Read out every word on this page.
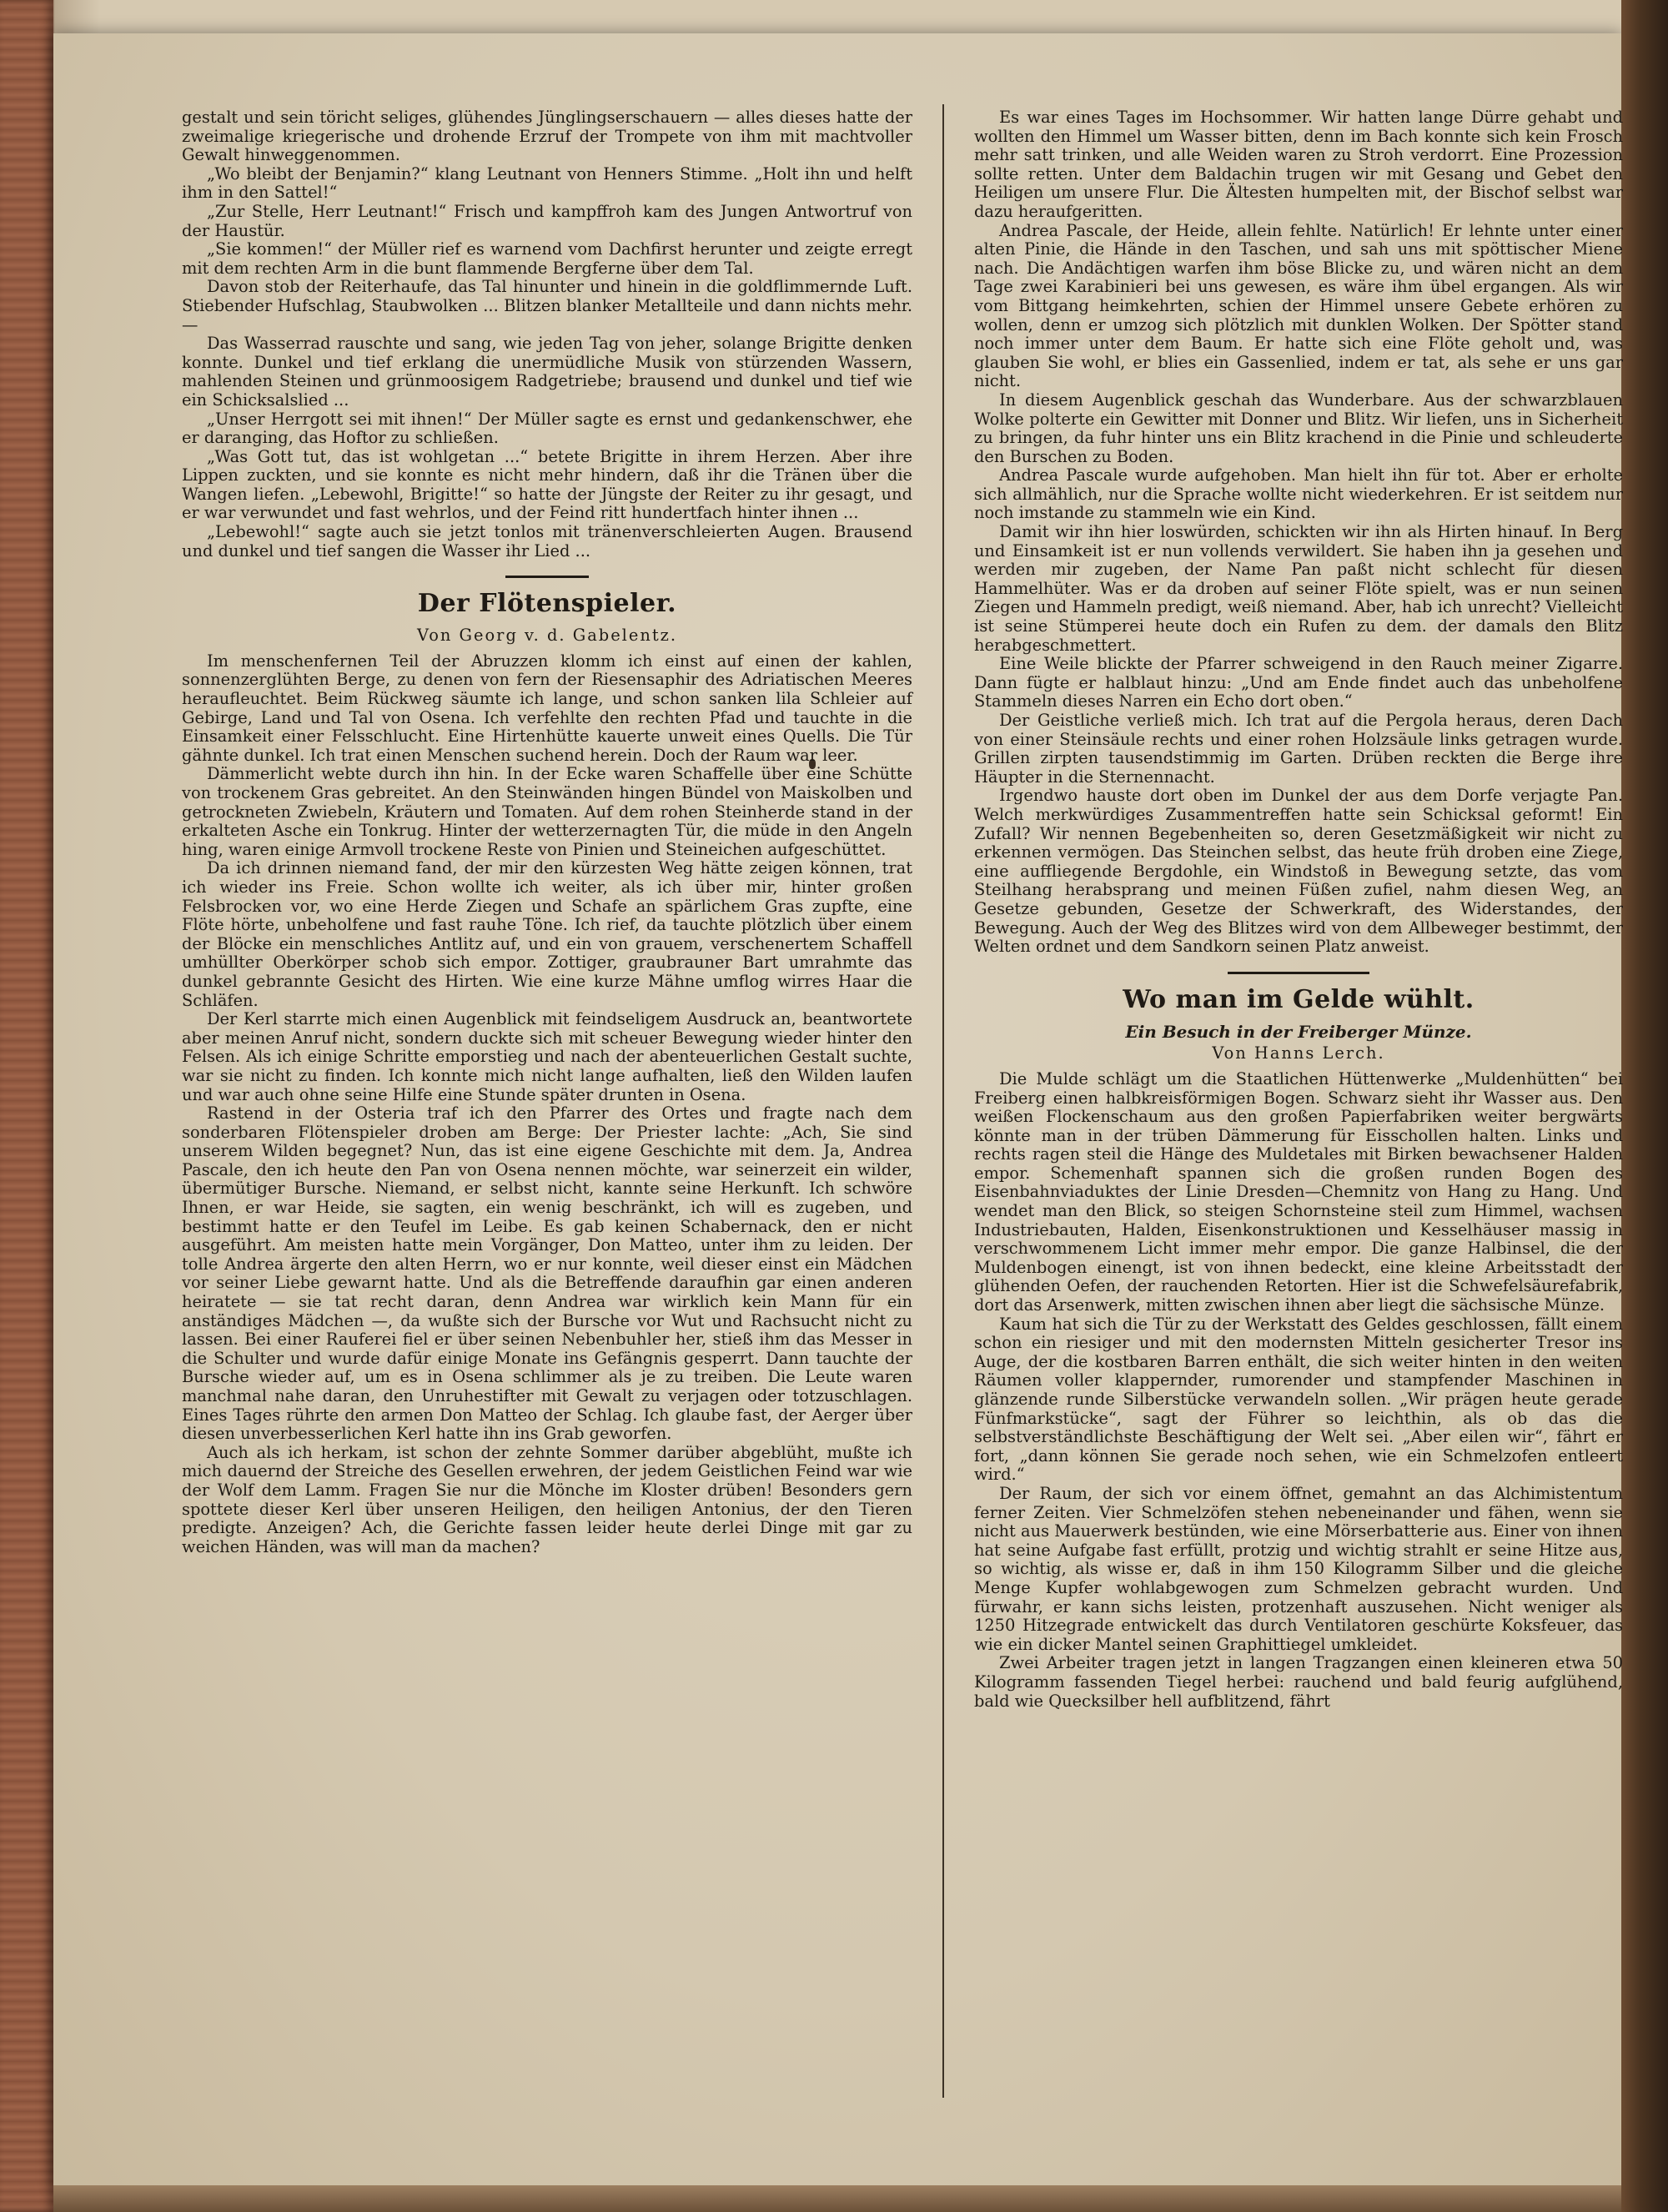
gestalt und sein töricht seliges, glühendes Jünglingserschauern — alles dieses hatte der zweimalige kriegerische und drohende Erzruf der Trompete von ihm mit machtvoller Gewalt hinweggenommen.

„Wo bleibt der Benjamin?“ klang Leutnant von Henners Stimme. „Holt ihn und helft ihm in den Sattel!“

„Zur Stelle, Herr Leutnant!“ Frisch und kampffroh kam des Jungen Antwortruf von der Haustür.

„Sie kommen!“ der Müller rief es warnend vom Dachfirst herunter und zeigte erregt mit dem rechten Arm in die bunt flammende Bergferne über dem Tal.

Davon stob der Reiterhaufe, das Tal hinunter und hinein in die goldflimmernde Luft. Stiebender Hufschlag, Staubwolken ... Blitzen blanker Metallteile und dann nichts mehr. —

Das Wasserrad rauschte und sang, wie jeden Tag von jeher, solange Brigitte denken konnte. Dunkel und tief erklang die unermüdliche Musik von stürzenden Wassern, mahlenden Steinen und grünmoosigem Radgetriebe; brausend und dunkel und tief wie ein Schicksalslied ...

„Unser Herrgott sei mit ihnen!“ Der Müller sagte es ernst und gedankenschwer, ehe er daranging, das Hoftor zu schließen.

„Was Gott tut, das ist wohlgetan ...“ betete Brigitte in ihrem Herzen. Aber ihre Lippen zuckten, und sie konnte es nicht mehr hindern, daß ihr die Tränen über die Wangen liefen. „Lebewohl, Brigitte!“ so hatte der Jüngste der Reiter zu ihr gesagt, und er war verwundet und fast wehrlos, und der Feind ritt hundertfach hinter ihnen ...

„Lebewohl!“ sagte auch sie jetzt tonlos mit tränenverschleierten Augen. Brausend und dunkel und tief sangen die Wasser ihr Lied ...

Der Flötenspieler.
Von Georg v. d. Gabelentz.

Im menschenfernen Teil der Abruzzen klomm ich einst auf einen der kahlen, sonnenzerglühten Berge, zu denen von fern der Riesensaphir des Adriatischen Meeres heraufleuchtet. Beim Rückweg säumte ich lange, und schon sanken lila Schleier auf Gebirge, Land und Tal von Osena. Ich verfehlte den rechten Pfad und tauchte in die Einsamkeit einer Felsschlucht. Eine Hirtenhütte kauerte unweit eines Quells. Die Tür gähnte dunkel. Ich trat einen Menschen suchend herein. Doch der Raum war leer.

Dämmerlicht webte durch ihn hin. In der Ecke waren Schaffelle über eine Schütte von trockenem Gras gebreitet. An den Steinwänden hingen Bündel von Maiskolben und getrockneten Zwiebeln, Kräutern und Tomaten. Auf dem rohen Steinherde stand in der erkalteten Asche ein Tonkrug. Hinter der wetterzernagten Tür, die müde in den Angeln hing, waren einige Armvoll trockene Reste von Pinien und Steineichen aufgeschüttet.

Da ich drinnen niemand fand, der mir den kürzesten Weg hätte zeigen können, trat ich wieder ins Freie. Schon wollte ich weiter, als ich über mir, hinter großen Felsbrocken vor, wo eine Herde Ziegen und Schafe an spärlichem Gras zupfte, eine Flöte hörte, unbeholfene und fast rauhe Töne. Ich rief, da tauchte plötzlich über einem der Blöcke ein menschliches Antlitz auf, und ein von grauem, verschenertem Schaffell umhüllter Oberkörper schob sich empor. Zottiger, graubrauner Bart umrahmte das dunkel gebrannte Gesicht des Hirten. Wie eine kurze Mähne umflog wirres Haar die Schläfen.

Der Kerl starrte mich einen Augenblick mit feindseligem Ausdruck an, beantwortete aber meinen Anruf nicht, sondern duckte sich mit scheuer Bewegung wieder hinter den Felsen. Als ich einige Schritte emporstieg und nach der abenteuerlichen Gestalt suchte, war sie nicht zu finden. Ich konnte mich nicht lange aufhalten, ließ den Wilden laufen und war auch ohne seine Hilfe eine Stunde später drunten in Osena.

Rastend in der Osteria traf ich den Pfarrer des Ortes und fragte nach dem sonderbaren Flötenspieler droben am Berge: Der Priester lachte: „Ach, Sie sind unserem Wilden begegnet? Nun, das ist eine eigene Geschichte mit dem. Ja, Andrea Pascale, den ich heute den Pan von Osena nennen möchte, war seinerzeit ein wilder, übermütiger Bursche. Niemand, er selbst nicht, kannte seine Herkunft. Ich schwöre Ihnen, er war Heide, sie sagten, ein wenig beschränkt, ich will es zugeben, und bestimmt hatte er den Teufel im Leibe. Es gab keinen Schabernack, den er nicht ausgeführt. Am meisten hatte mein Vorgänger, Don Matteo, unter ihm zu leiden. Der tolle Andrea ärgerte den alten Herrn, wo er nur konnte, weil dieser einst ein Mädchen vor seiner Liebe gewarnt hatte. Und als die Betreffende daraufhin gar einen anderen heiratete — sie tat recht daran, denn Andrea war wirklich kein Mann für ein anständiges Mädchen —, da wußte sich der Bursche vor Wut und Rachsucht nicht zu lassen. Bei einer Rauferei fiel er über seinen Nebenbuhler her, stieß ihm das Messer in die Schulter und wurde dafür einige Monate ins Gefängnis gesperrt. Dann tauchte der Bursche wieder auf, um es in Osena schlimmer als je zu treiben. Die Leute waren manchmal nahe daran, den Unruhestifter mit Gewalt zu verjagen oder totzuschlagen. Eines Tages rührte den armen Don Matteo der Schlag. Ich glaube fast, der Aerger über diesen unverbesserlichen Kerl hatte ihn ins Grab geworfen.

Auch als ich herkam, ist schon der zehnte Sommer darüber abgeblüht, mußte ich mich dauernd der Streiche des Gesellen erwehren, der jedem Geistlichen Feind war wie der Wolf dem Lamm. Fragen Sie nur die Mönche im Kloster drüben! Besonders gern spottete dieser Kerl über unseren Heiligen, den heiligen Antonius, der den Tieren predigte. Anzeigen? Ach, die Gerichte fassen leider heute derlei Dinge mit gar zu weichen Händen, was will man da machen?

Es war eines Tages im Hochsommer. Wir hatten lange Dürre gehabt und wollten den Himmel um Wasser bitten, denn im Bach konnte sich kein Frosch mehr satt trinken, und alle Weiden waren zu Stroh verdorrt. Eine Prozession sollte retten. Unter dem Baldachin trugen wir mit Gesang und Gebet den Heiligen um unsere Flur. Die Ältesten humpelten mit, der Bischof selbst war dazu heraufgeritten.

Andrea Pascale, der Heide, allein fehlte. Natürlich! Er lehnte unter einer alten Pinie, die Hände in den Taschen, und sah uns mit spöttischer Miene nach. Die Andächtigen warfen ihm böse Blicke zu, und wären nicht an dem Tage zwei Karabinieri bei uns gewesen, es wäre ihm übel ergangen. Als wir vom Bittgang heimkehrten, schien der Himmel unsere Gebete erhören zu wollen, denn er umzog sich plötzlich mit dunklen Wolken. Der Spötter stand noch immer unter dem Baum. Er hatte sich eine Flöte geholt und, was glauben Sie wohl, er blies ein Gassenlied, indem er tat, als sehe er uns gar nicht.

In diesem Augenblick geschah das Wunderbare. Aus der schwarzblauen Wolke polterte ein Gewitter mit Donner und Blitz. Wir liefen, uns in Sicherheit zu bringen, da fuhr hinter uns ein Blitz krachend in die Pinie und schleuderte den Burschen zu Boden.

Andrea Pascale wurde aufgehoben. Man hielt ihn für tot. Aber er erholte sich allmählich, nur die Sprache wollte nicht wiederkehren. Er ist seitdem nur noch imstande zu stammeln wie ein Kind.

Damit wir ihn hier loswürden, schickten wir ihn als Hirten hinauf. In Berg und Einsamkeit ist er nun vollends verwildert. Sie haben ihn ja gesehen und werden mir zugeben, der Name Pan paßt nicht schlecht für diesen Hammelhüter. Was er da droben auf seiner Flöte spielt, was er nun seinen Ziegen und Hammeln predigt, weiß niemand. Aber, hab ich unrecht? Vielleicht ist seine Stümperei heute doch ein Rufen zu dem. der damals den Blitz herabgeschmettert.

Eine Weile blickte der Pfarrer schweigend in den Rauch meiner Zigarre. Dann fügte er halblaut hinzu: „Und am Ende findet auch das unbeholfene Stammeln dieses Narren ein Echo dort oben.“

Der Geistliche verließ mich. Ich trat auf die Pergola heraus, deren Dach von einer Steinsäule rechts und einer rohen Holzsäule links getragen wurde. Grillen zirpten tausendstimmig im Garten. Drüben reckten die Berge ihre Häupter in die Sternennacht.

Irgendwo hauste dort oben im Dunkel der aus dem Dorfe verjagte Pan. Welch merkwürdiges Zusammentreffen hatte sein Schicksal geformt! Ein Zufall? Wir nennen Begebenheiten so, deren Gesetzmäßigkeit wir nicht zu erkennen vermögen. Das Steinchen selbst, das heute früh droben eine Ziege, eine auffliegende Bergdohle, ein Windstoß in Bewegung setzte, das vom Steilhang herabsprang und meinen Füßen zufiel, nahm diesen Weg, an Gesetze gebunden, Gesetze der Schwerkraft, des Widerstandes, der Bewegung. Auch der Weg des Blitzes wird von dem Allbeweger bestimmt, der Welten ordnet und dem Sandkorn seinen Platz anweist.

Wo man im Gelde wühlt.
Ein Besuch in der Freiberger Münze.
Von Hanns Lerch.

Die Mulde schlägt um die Staatlichen Hüttenwerke „Muldenhütten“ bei Freiberg einen halbkreisförmigen Bogen. Schwarz sieht ihr Wasser aus. Den weißen Flockenschaum aus den großen Papierfabriken weiter bergwärts könnte man in der trüben Dämmerung für Eisschollen halten. Links und rechts ragen steil die Hänge des Muldetales mit Birken bewachsener Halden empor. Schemenhaft spannen sich die großen runden Bogen des Eisenbahnviaduktes der Linie Dresden—Chemnitz von Hang zu Hang. Und wendet man den Blick, so steigen Schornsteine steil zum Himmel, wachsen Industriebauten, Halden, Eisenkonstruktionen und Kesselhäuser massig in verschwommenem Licht immer mehr empor. Die ganze Halbinsel, die der Muldenbogen einengt, ist von ihnen bedeckt, eine kleine Arbeitsstadt der glühenden Oefen, der rauchenden Retorten. Hier ist die Schwefelsäurefabrik, dort das Arsenwerk, mitten zwischen ihnen aber liegt die sächsische Münze.

Kaum hat sich die Tür zu der Werkstatt des Geldes geschlossen, fällt einem schon ein riesiger und mit den modernsten Mitteln gesicherter Tresor ins Auge, der die kostbaren Barren enthält, die sich weiter hinten in den weiten Räumen voller klappernder, rumorender und stampfender Maschinen in glänzende runde Silberstücke verwandeln sollen. „Wir prägen heute gerade Fünfmarkstücke“, sagt der Führer so leichthin, als ob das die selbstverständlichste Beschäftigung der Welt sei. „Aber eilen wir“, fährt er fort, „dann können Sie gerade noch sehen, wie ein Schmelzofen entleert wird.“

Der Raum, der sich vor einem öffnet, gemahnt an das Alchimistentum ferner Zeiten. Vier Schmelzöfen stehen nebeneinander und fähen, wenn sie nicht aus Mauerwerk bestünden, wie eine Mörserbatterie aus. Einer von ihnen hat seine Aufgabe fast erfüllt, protzig und wichtig strahlt er seine Hitze aus, so wichtig, als wisse er, daß in ihm 150 Kilogramm Silber und die gleiche Menge Kupfer wohlabgewogen zum Schmelzen gebracht wurden. Und fürwahr, er kann sichs leisten, protzenhaft auszusehen. Nicht weniger als 1250 Hitzegrade entwickelt das durch Ventilatoren geschürte Koksfeuer, das wie ein dicker Mantel seinen Graphittiegel umkleidet.

Zwei Arbeiter tragen jetzt in langen Tragzangen einen kleineren etwa 50 Kilogramm fassenden Tiegel herbei: rauchend und bald feurig aufglühend, bald wie Quecksilber hell aufblitzend, fährt
